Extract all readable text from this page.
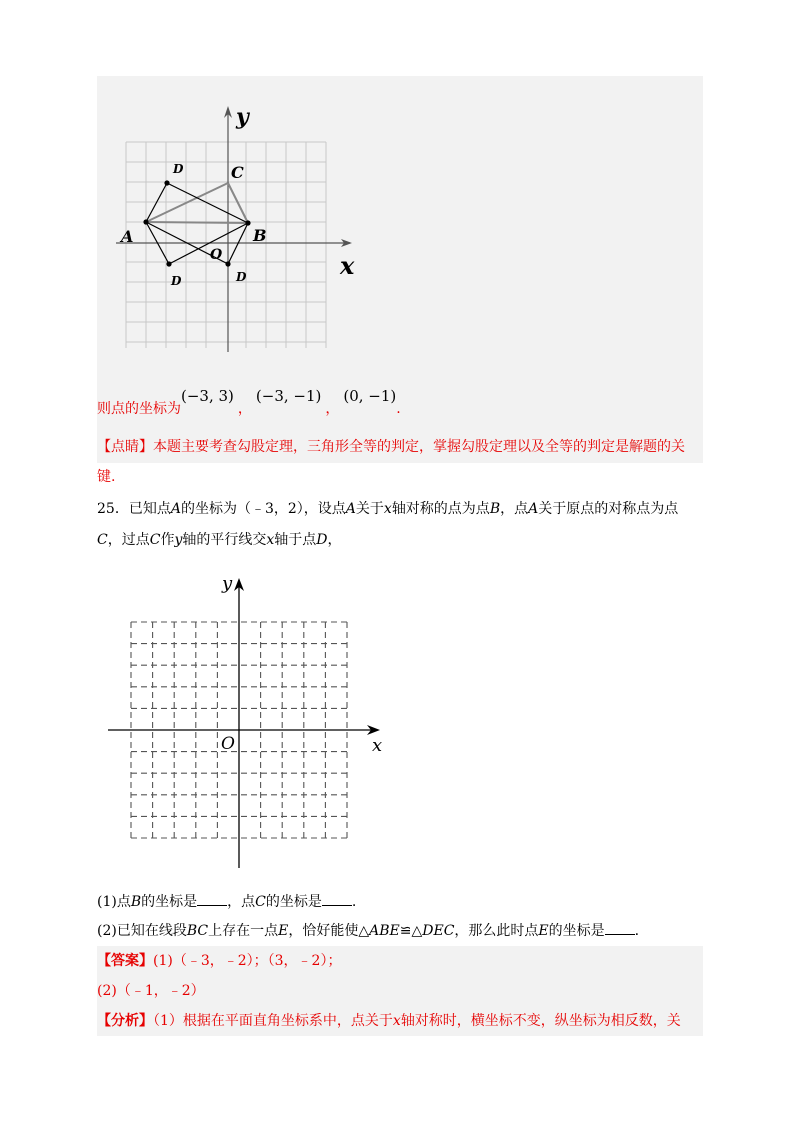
y
x
A	B
C
O
D
D	D
则点的坐标为(−3, 3)，(−3, −1)，(0, −1).
【点睛】本题主要考查勾股定理，三角形全等的判定，掌握勾股定理以及全等的判定是解题的关
键.
25．已知点A的坐标为（﹣3，2），设点A关于x轴对称的点为点B，点A关于原点的对称点为点
C，过点C作y轴的平行线交x轴于点D，
x
y
O
(1)点B的坐标是 ，点C的坐标是 .
(2)已知在线段BC上存在一点E，恰好能使△ABE≌△DEC，那么此时点E的坐标是 .
【答案】(1)（﹣3，﹣2）；（3，﹣2）；
(2)（﹣1，﹣2）
【分析】（1）根据在平面直角坐标系中，点关于x轴对称时，横坐标不变，纵坐标为相反数，关
